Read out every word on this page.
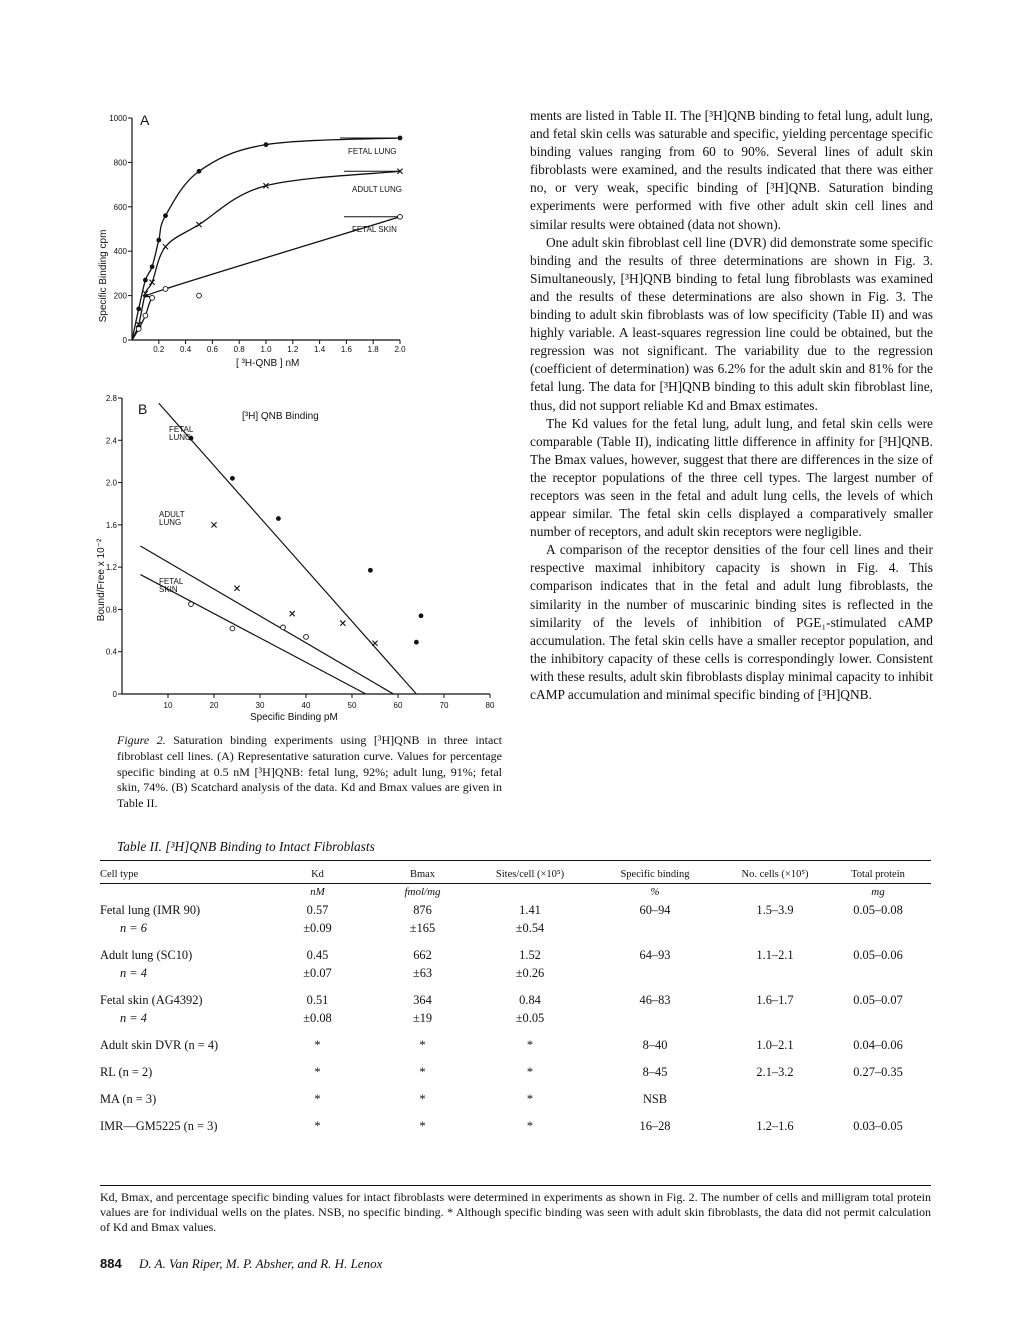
0.2 0.4 0.6 0.8 1.0 1.2 1.4 1.6 1.8 2.0
1000
800
600
400
200
0
A
FETAL LUNG
ADULT LUNG
FETAL SKIN
[ ³H-QNB ] nM
Specific Binding cpm
10	20	30	40	50	60	70	80
2.8
2.4
2.0
1.6
1.2
0.8
0.4
0
B	[³H] QNB Binding
FETAL
LUNG
ADULT
LUNG
FETAL
SKIN
Specific Binding pM
Bound/Free x 10⁻²

Figure 2. Saturation binding experiments using [³H]QNB in three intact fibroblast cell lines. (A) Representative saturation curve. Values for percentage specific binding at 0.5 nM [³H]QNB: fetal lung, 92%; adult lung, 91%; fetal skin, 74%. (B) Scatchard analysis of the data. Kd and Bmax values are given in Table II.

ments are listed in Table II. The [³H]QNB binding to fetal lung, adult lung, and fetal skin cells was saturable and specific, yielding percentage specific binding values ranging from 60 to 90%. Several lines of adult skin fibroblasts were examined, and the results indicated that there was either no, or very weak, specific binding of [³H]QNB. Saturation binding experiments were performed with five other adult skin cell lines and similar results were obtained (data not shown).

One adult skin fibroblast cell line (DVR) did demonstrate some specific binding and the results of three determinations are shown in Fig. 3. Simultaneously, [³H]QNB binding to fetal lung fibroblasts was examined and the results of these determinations are also shown in Fig. 3. The binding to adult skin fibroblasts was of low specificity (Table II) and was highly variable. A least-squares regression line could be obtained, but the regression was not significant. The variability due to the regression (coefficient of determination) was 6.2% for the adult skin and 81% for the fetal lung. The data for [³H]QNB binding to this adult skin fibroblast line, thus, did not support reliable Kd and Bmax estimates.

The Kd values for the fetal lung, adult lung, and fetal skin cells were comparable (Table II), indicating little difference in affinity for [³H]QNB. The Bmax values, however, suggest that there are differences in the size of the receptor populations of the three cell types. The largest number of receptors was seen in the fetal and adult lung cells, the levels of which appear similar. The fetal skin cells displayed a comparatively smaller number of receptors, and adult skin receptors were negligible.

A comparison of the receptor densities of the four cell lines and their respective maximal inhibitory capacity is shown in Fig. 4. This comparison indicates that in the fetal and adult lung fibroblasts, the similarity in the number of muscarinic binding sites is reflected in the similarity of the levels of inhibition of PGE₁-stimulated cAMP accumulation. The fetal skin cells have a smaller receptor population, and the inhibitory capacity of these cells is correspondingly lower. Consistent with these results, adult skin fibroblasts display minimal capacity to inhibit cAMP accumulation and minimal specific binding of [³H]QNB.

Table II. [³H]QNB Binding to Intact Fibroblasts

Cell type	Kd	Bmax	Sites/cell (×10⁵)	Specific binding	No. cells (×10⁵)	Total protein
	nM	fmol/mg		%		mg
Fetal lung (IMR 90)	0.57	876	1.41	60–94	1.5–3.9	0.05–0.08
n = 6	±0.09	±165	±0.54			

Adult lung (SC10)	0.45	662	1.52	64–93	1.1–2.1	0.05–0.06
n = 4	±0.07	±63	±0.26			

Fetal skin (AG4392)	0.51	364	0.84	46–83	1.6–1.7	0.05–0.07
n = 4	±0.08	±19	±0.05			

Adult skin DVR (n = 4)	*	*	*	8–40	1.0–2.1	0.04–0.06

RL (n = 2)	*	*	*	8–45	2.1–3.2	0.27–0.35

MA (n = 3)	*	*	*	NSB		

IMR—GM5225 (n = 3)	*	*	*	16–28	1.2–1.6	0.03–0.05

Kd, Bmax, and percentage specific binding values for intact fibroblasts were determined in experiments as shown in Fig. 2. The number of cells and milligram total protein values are for individual wells on the plates. NSB, no specific binding. * Although specific binding was seen with adult skin fibroblasts, the data did not permit calculation of Kd and Bmax values.

884 D. A. Van Riper, M. P. Absher, and R. H. Lenox
